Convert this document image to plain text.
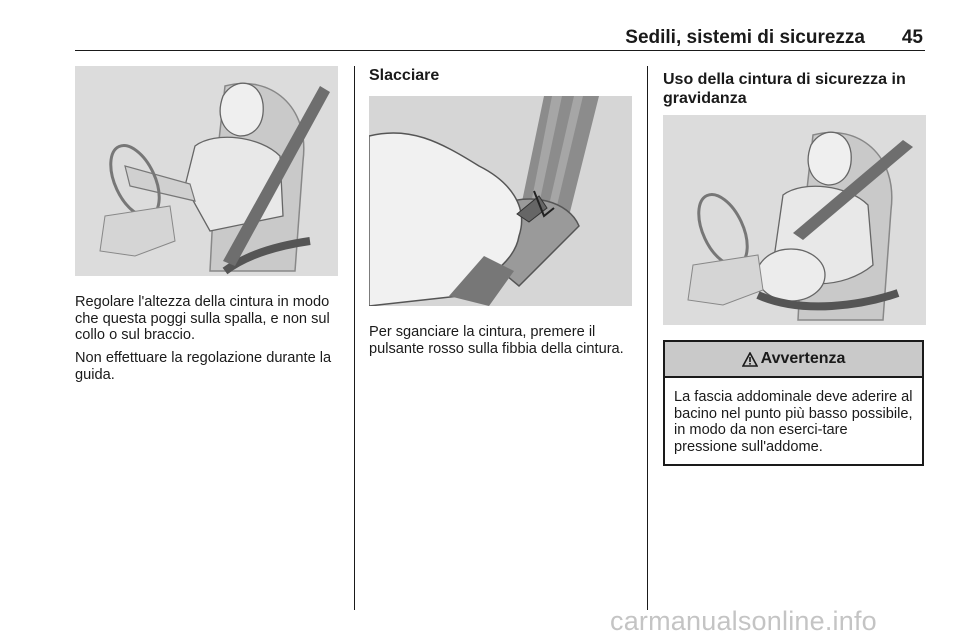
Sedili, sistemi di sicurezza 45

Regolare l'altezza della cintura in modo che questa poggi sulla spalla, e non sul collo o sul braccio.

Non effettuare la regolazione durante la guida.

Slacciare

Per sganciare la cintura, premere il pulsante rosso sulla fibbia della cintura.

Uso della cintura di sicurezza in gravidanza
Avvertenza

La fascia addominale deve aderire al bacino nel punto più basso possibile, in modo da non eserci-tare pressione sull'addome.

carmanualsonline.info
